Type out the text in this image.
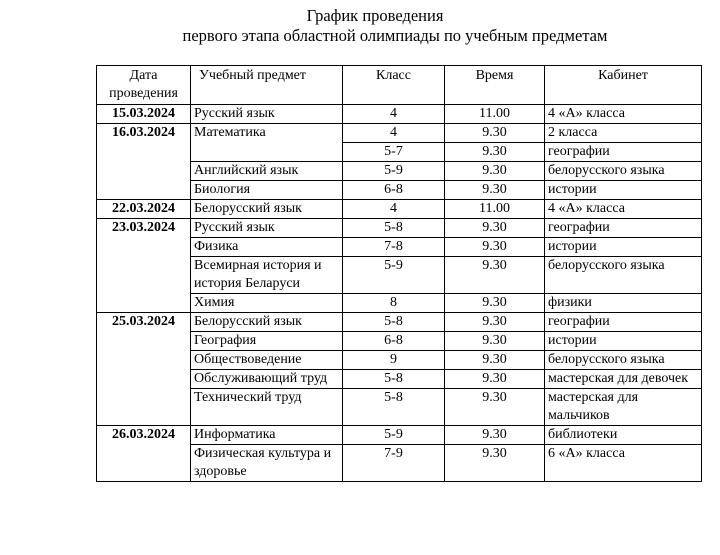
График проведения
первого этапа областной олимпиады по учебным предметам
Дата проведения	Учебный предмет	Класс	Время	Кабинет
15.03.2024	Русский язык	4	11.00	4 «А» класса
16.03.2024	Математика	4	9.30	2 класса
		5-7	9.30	географии
	Английский язык	5-9	9.30	белорусского языка
	Биология	6-8	9.30	истории
22.03.2024	Белорусский язык	4	11.00	4 «А» класса
23.03.2024	Русский язык	5-8	9.30	географии
	Физика	7-8	9.30	истории
	Всемирная история и история Беларуси	5-9	9.30	белорусского языка
	Химия	8	9.30	физики
25.03.2024	Белорусский язык	5-8	9.30	географии
	География	6-8	9.30	истории
	Обществоведение	9	9.30	белорусского языка
	Обслуживающий труд	5-8	9.30	мастерская для девочек
	Технический труд	5-8	9.30	мастерская для мальчиков
26.03.2024	Информатика	5-9	9.30	библиотеки
	Физическая культура и здоровье	7-9	9.30	6 «А» класса
